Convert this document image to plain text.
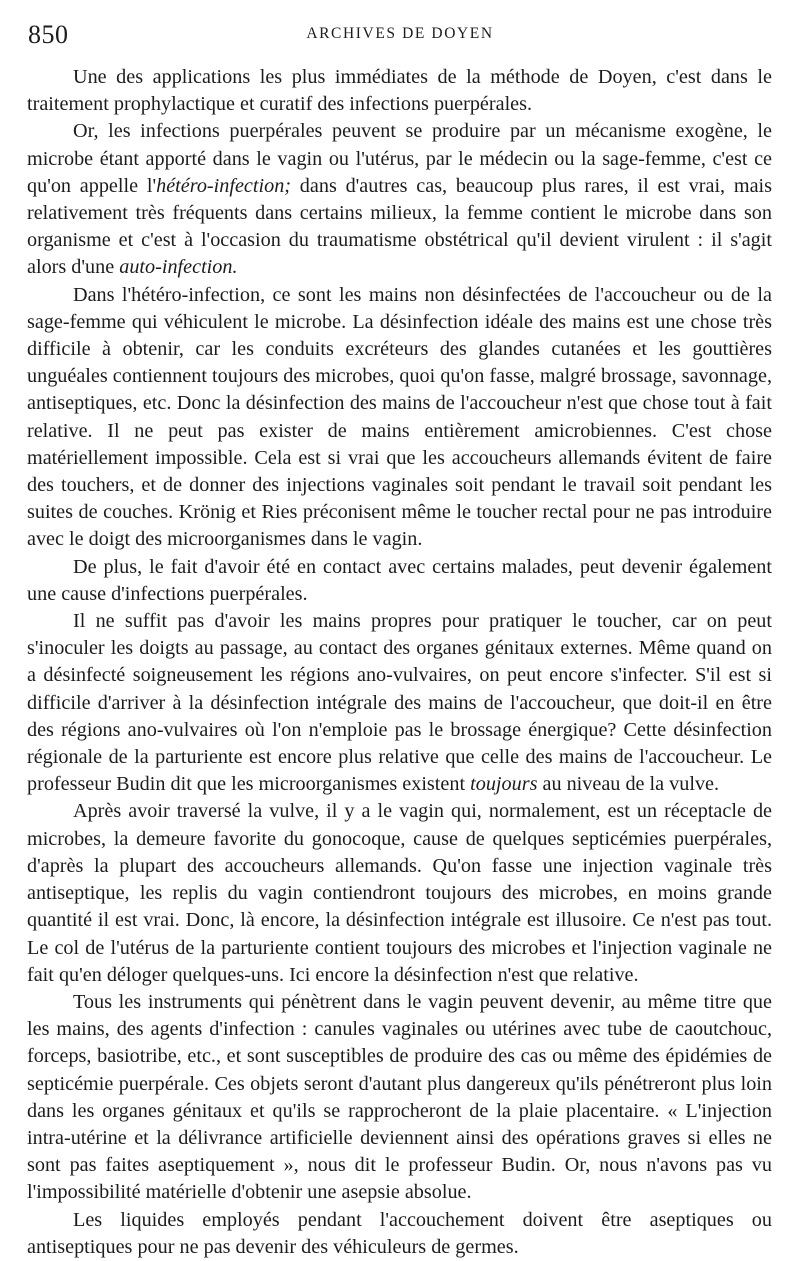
850	ARCHIVES DE DOYEN

Une des applications les plus immédiates de la méthode de Doyen, c'est dans le traitement prophylactique et curatif des infections puerpérales.

Or, les infections puerpérales peuvent se produire par un mécanisme exogène, le microbe étant apporté dans le vagin ou l'utérus, par le médecin ou la sage-femme, c'est ce qu'on appelle l'hétéro-infection; dans d'autres cas, beaucoup plus rares, il est vrai, mais relativement très fréquents dans certains milieux, la femme contient le microbe dans son organisme et c'est à l'occasion du traumatisme obstétrical qu'il devient virulent : il s'agit alors d'une auto-infection.

Dans l'hétéro-infection, ce sont les mains non désinfectées de l'accoucheur ou de la sage-femme qui véhiculent le microbe. La désinfection idéale des mains est une chose très difficile à obtenir, car les conduits excréteurs des glandes cutanées et les gouttières unguéales contiennent toujours des microbes, quoi qu'on fasse, malgré brossage, savonnage, antiseptiques, etc. Donc la désinfection des mains de l'accoucheur n'est que chose tout à fait relative. Il ne peut pas exister de mains entièrement amicrobiennes. C'est chose matériellement impossible. Cela est si vrai que les accoucheurs allemands évitent de faire des touchers, et de donner des injections vaginales soit pendant le travail soit pendant les suites de couches. Krönig et Ries préconisent même le toucher rectal pour ne pas introduire avec le doigt des microorganismes dans le vagin.

De plus, le fait d'avoir été en contact avec certains malades, peut devenir également une cause d'infections puerpérales.

Il ne suffit pas d'avoir les mains propres pour pratiquer le toucher, car on peut s'inoculer les doigts au passage, au contact des organes génitaux externes. Même quand on a désinfecté soigneusement les régions ano-vulvaires, on peut encore s'infecter. S'il est si difficile d'arriver à la désinfection intégrale des mains de l'accoucheur, que doit-il en être des régions ano-vulvaires où l'on n'emploie pas le brossage énergique? Cette désinfection régionale de la parturiente est encore plus relative que celle des mains de l'accoucheur. Le professeur Budin dit que les microorganismes existent toujours au niveau de la vulve.

Après avoir traversé la vulve, il y a le vagin qui, normalement, est un réceptacle de microbes, la demeure favorite du gonocoque, cause de quelques septicémies puerpérales, d'après la plupart des accoucheurs allemands. Qu'on fasse une injection vaginale très antiseptique, les replis du vagin contiendront toujours des microbes, en moins grande quantité il est vrai. Donc, là encore, la désinfection intégrale est illusoire. Ce n'est pas tout. Le col de l'utérus de la parturiente contient toujours des microbes et l'injection vaginale ne fait qu'en déloger quelques-uns. Ici encore la désinfection n'est que relative.

Tous les instruments qui pénètrent dans le vagin peuvent devenir, au même titre que les mains, des agents d'infection : canules vaginales ou utérines avec tube de caoutchouc, forceps, basiotribe, etc., et sont susceptibles de produire des cas ou même des épidémies de septicémie puerpérale. Ces objets seront d'autant plus dangereux qu'ils pénétreront plus loin dans les organes génitaux et qu'ils se rapprocheront de la plaie placentaire. « L'injection intra-utérine et la délivrance artificielle deviennent ainsi des opérations graves si elles ne sont pas faites aseptiquement », nous dit le professeur Budin. Or, nous n'avons pas vu l'impossibilité matérielle d'obtenir une asepsie absolue.

Les liquides employés pendant l'accouchement doivent être aseptiques ou antiseptiques pour ne pas devenir des véhiculeurs de germes.
